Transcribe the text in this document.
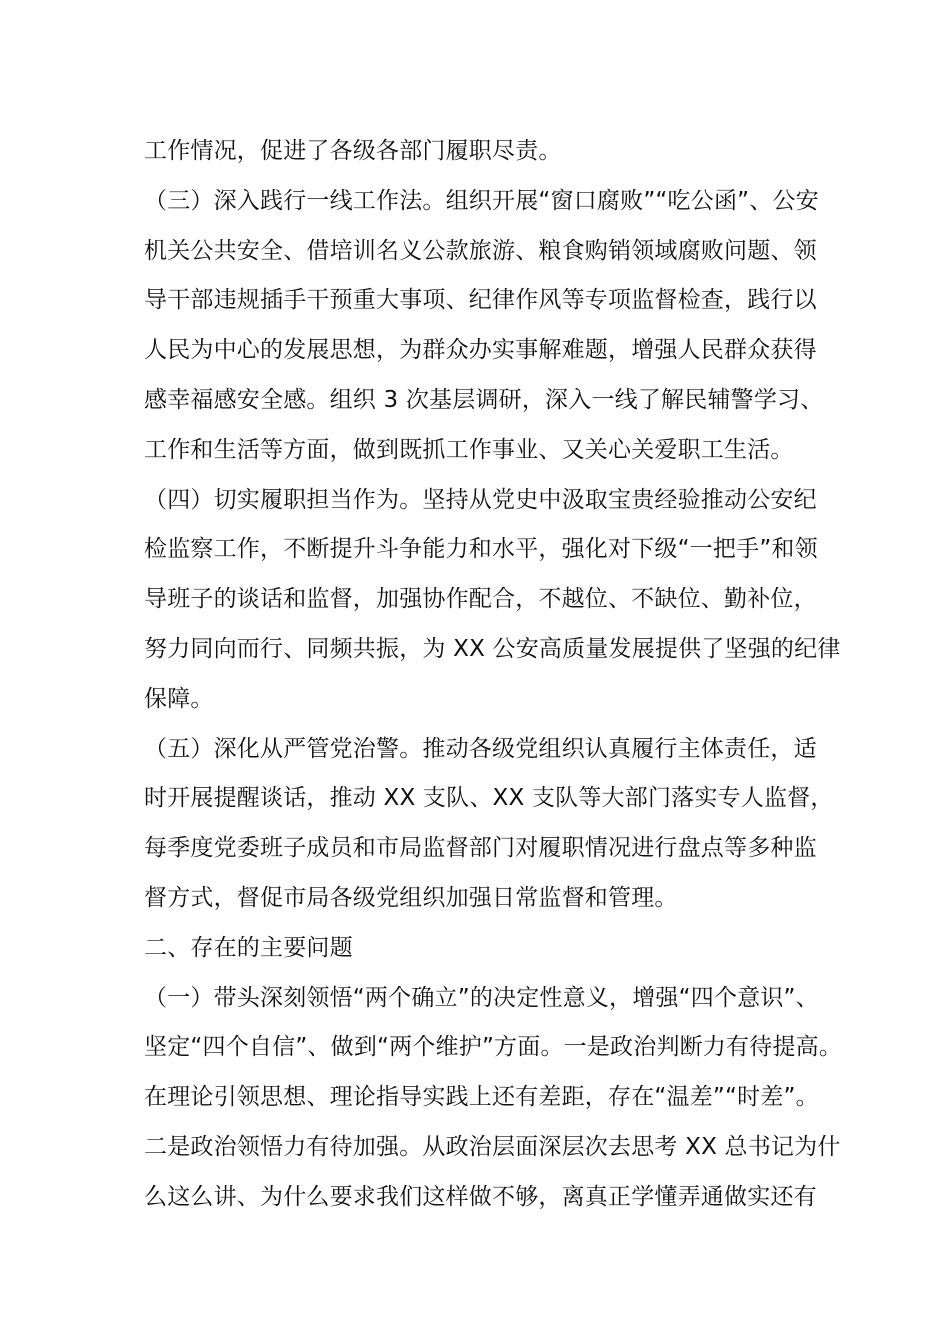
工作情况，促进了各级各部门履职尽责。
（三）深入践行一线工作法。组织开展“窗口腐败”“吃公函”、公安
机关公共安全、借培训名义公款旅游、粮食购销领域腐败问题、领
导干部违规插手干预重大事项、纪律作风等专项监督检查，践行以
人民为中心的发展思想，为群众办实事解难题，增强人民群众获得
感幸福感安全感。组织 3 次基层调研，深入一线了解民辅警学习、
工作和生活等方面，做到既抓工作事业、又关心关爱职工生活。
（四）切实履职担当作为。坚持从党史中汲取宝贵经验推动公安纪
检监察工作，不断提升斗争能力和水平，强化对下级“一把手”和领
导班子的谈话和监督，加强协作配合，不越位、不缺位、勤补位，
努力同向而行、同频共振，为 XX 公安高质量发展提供了坚强的纪律
保障。
（五）深化从严管党治警。推动各级党组织认真履行主体责任，适
时开展提醒谈话，推动 XX 支队、XX 支队等大部门落实专人监督，
每季度党委班子成员和市局监督部门对履职情况进行盘点等多种监
督方式，督促市局各级党组织加强日常监督和管理。
二、存在的主要问题
（一）带头深刻领悟“两个确立”的决定性意义，增强“四个意识”、
坚定“四个自信”、做到“两个维护”方面。一是政治判断力有待提高。
在理论引领思想、理论指导实践上还有差距，存在“温差”“时差”。
二是政治领悟力有待加强。从政治层面深层次去思考 XX 总书记为什
么这么讲、为什么要求我们这样做不够，离真正学懂弄通做实还有
